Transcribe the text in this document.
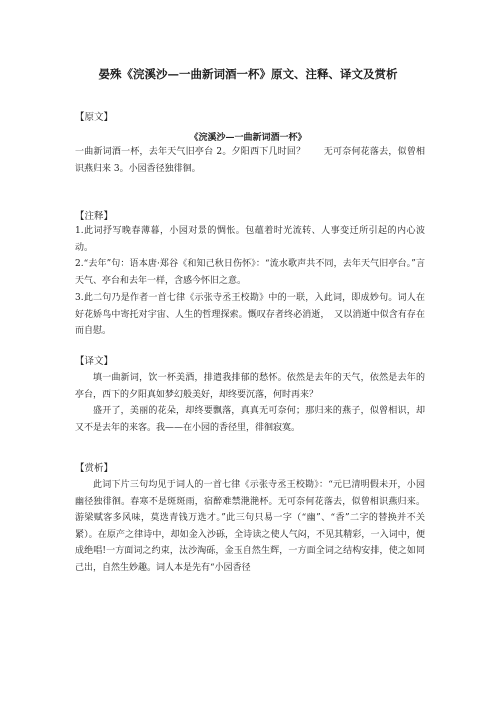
晏殊《浣溪沙—一曲新词酒一杯》原文、注释、译文及赏析
【原文】
《浣溪沙—一曲新词酒一杯》

一曲新词酒一杯，去年天气旧亭台 2。夕阳西下几时回？　　无可奈何花落去，似曾相识燕归来 3。小园香径独徘徊。

【注释】

1.此词抒写晚春薄暮，小园对景的惆怅。包蕴着时光流转、人事变迁所引起的内心波动。

2.“去年”句：语本唐·郑谷《和知己秋日伤怀》：“流水歌声共不同，去年天气旧亭台。”言天气、亭台和去年一样，含感今怀旧之意。

3.此二句乃是作者一首七律《示张寺丞王校勘》中的一联，入此词，即成妙句。词人在好花娇鸟中寄托对宇宙、人生的哲理探索。慨叹存者终必消逝，　又以消逝中似含有存在而自慰。

【译文】

填一曲新词，饮一杯美酒，排遣我排郁的愁怀。依然是去年的天气，依然是去年的亭台，西下的夕阳真如梦幻般美好，却终要沉落，何时再来？

盛开了，美丽的花朵，却终要飘落，真真无可奈何；那归来的燕子，似曾相识，却又不是去年的来客。我——在小园的香径里，徘徊寂寞。

【赏析】

此词下片三句均见于词人的一首七律《示张寺丞王校勘》：“元巳清明假未开，小园幽径独徘徊。春寒不是斑斑雨，宿醉难禁滟滟杯。无可奈何花落去，似曾相识燕归来。游梁赋客多风味，莫选青钱万选才。”此三句只易一字（“幽”、“香”二字的替换并不关紧）。在原产之律诗中，却如金入沙砾，全诗读之使人气闷，不见其精彩，一入词中，便成绝唱!一方面词之约束，汰沙淘砾，金玉自然生辉，一方面全词之结构安排，使之如同己出，自然生妙趣。词人本是先有“小园香径
